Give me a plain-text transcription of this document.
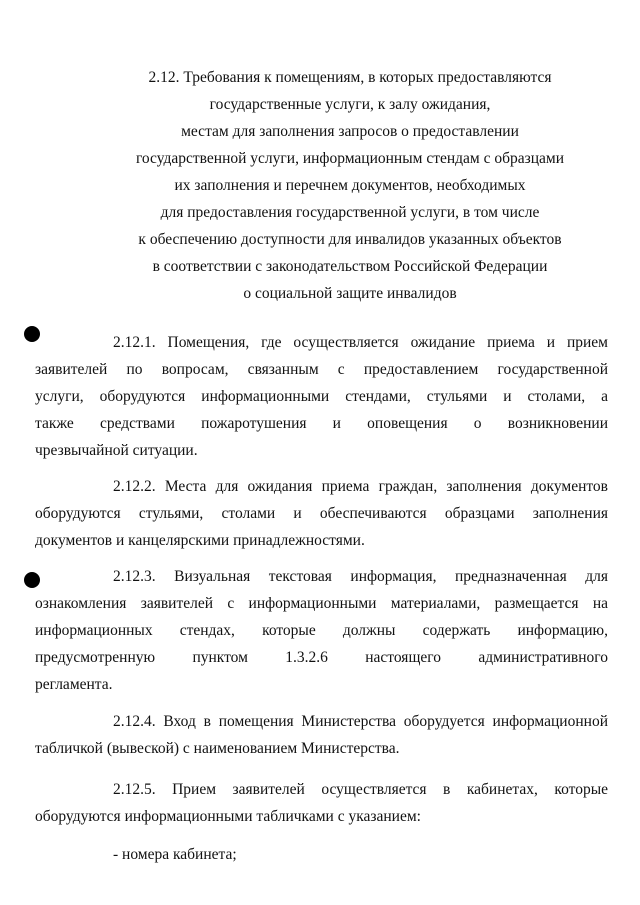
2.12. Требования к помещениям, в которых предоставляются
государственные услуги, к залу ожидания,
местам для заполнения запросов о предоставлении
государственной услуги, информационным стендам с образцами
их заполнения и перечнем документов, необходимых
для предоставления государственной услуги, в том числе
к обеспечению доступности для инвалидов указанных объектов
в соответствии с законодательством Российской Федерации
о социальной защите инвалидов
2.12.1. Помещения, где осуществляется ожидание приема и прием
заявителей по вопросам, связанным с предоставлением государственной
услуги, оборудуются информационными стендами, стульями и столами, а
также средствами пожаротушения и оповещения о возникновении
чрезвычайной ситуации.
2.12.2. Места для ожидания приема граждан, заполнения документов
оборудуются стульями, столами и обеспечиваются образцами заполнения
документов и канцелярскими принадлежностями.
2.12.3. Визуальная текстовая информация, предназначенная для
ознакомления заявителей с информационными материалами, размещается на
информационных стендах, которые должны содержать информацию,
предусмотренную пунктом 1.3.2.6 настоящего административного
регламента.
2.12.4. Вход в помещения Министерства оборудуется информационной
табличкой (вывеской) с наименованием Министерства.
2.12.5. Прием заявителей осуществляется в кабинетах, которые
оборудуются информационными табличками с указанием:
- номера кабинета;
